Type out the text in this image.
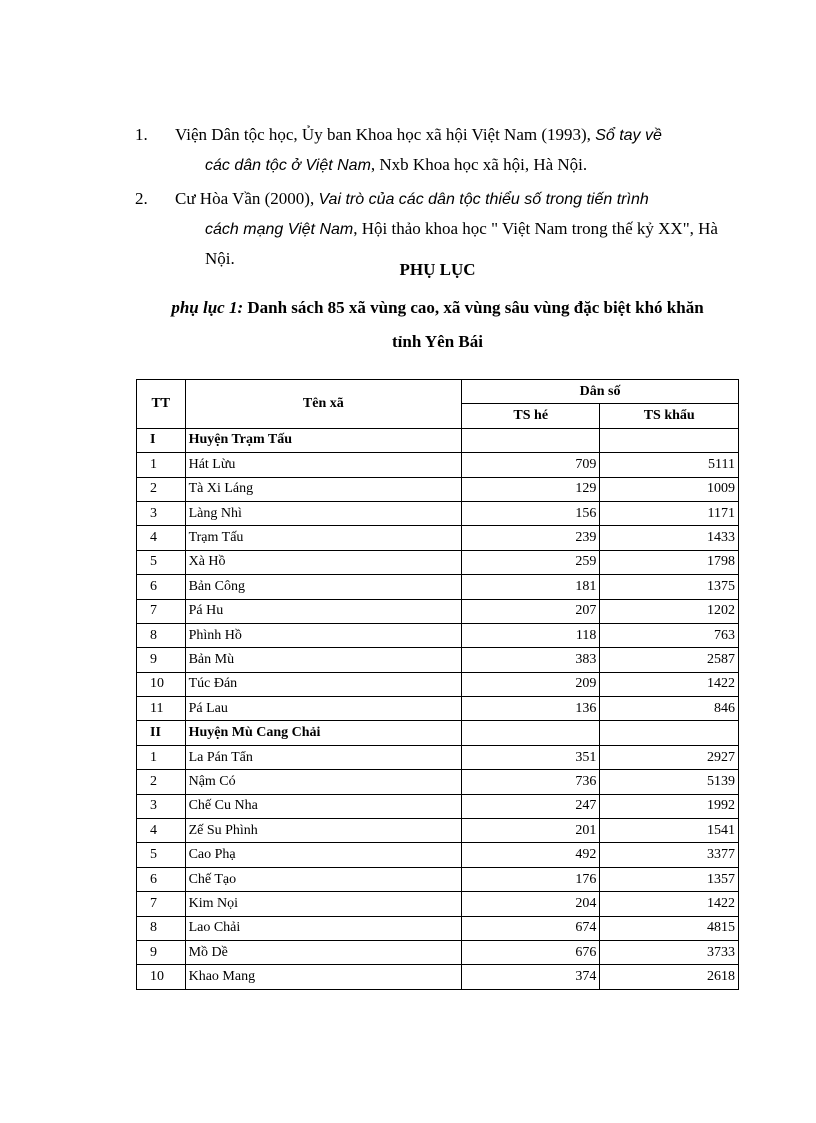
1. Viện Dân tộc học, Ủy ban Khoa học xã hội Việt Nam (1993), Sổ tay về
các dân tộc ở Việt Nam, Nxb Khoa học xã hội, Hà Nội.
2. Cư Hòa Vần (2000), Vai trò của các dân tộc thiểu số trong tiến trình
cách mạng Việt Nam, Hội thảo khoa học " Việt Nam trong thế kỷ XX", Hà Nội.
PHỤ LỤC
phụ lục 1: Danh sách 85 xã vùng cao, xã vùng sâu vùng đặc biệt khó khăn
tỉnh Yên Bái
TT	Tên xã	Dân số	
		TS hé	TS khẩu
I	Huyện Trạm Tấu		
1	Hát Lừu	709	5111
2	Tà Xi Láng	129	1009
3	Làng Nhì	156	1171
4	Trạm Tấu	239	1433
5	Xà Hồ	259	1798
6	Bản Công	181	1375
7	Pá Hu	207	1202
8	Phình Hồ	118	763
9	Bản Mù	383	2587
10	Túc Đán	209	1422
11	Pá Lau	136	846
II	Huyện Mù Cang Chải		
1	La Pán Tẩn	351	2927
2	Nậm Có	736	5139
3	Chế Cu Nha	247	1992
4	Zế Su Phình	201	1541
5	Cao Phạ	492	3377
6	Chế Tạo	176	1357
7	Kim Nọi	204	1422
8	Lao Chải	674	4815
9	Mồ Dề	676	3733
10	Khao Mang	374	2618
